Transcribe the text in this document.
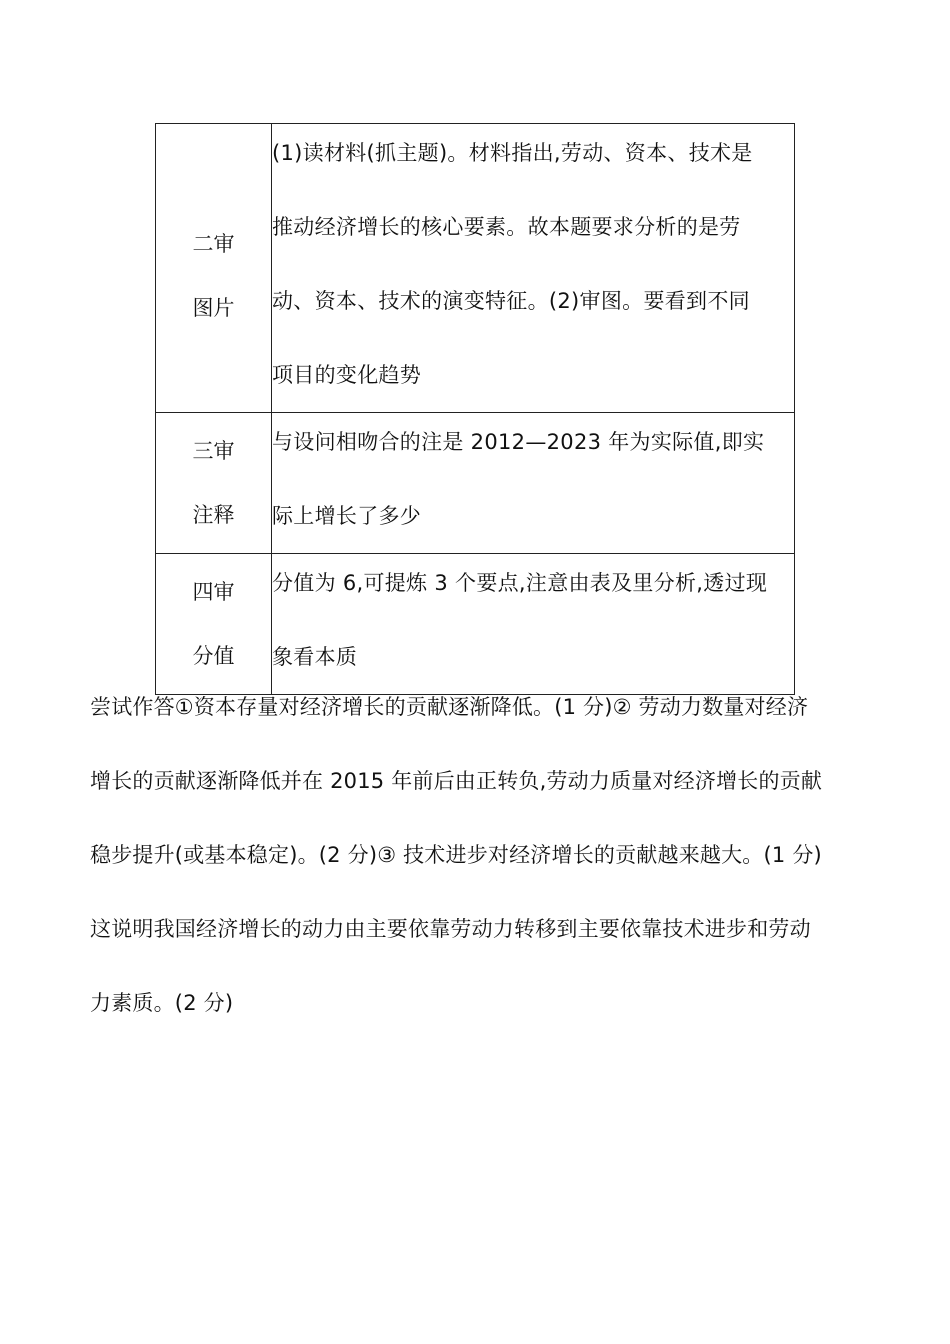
二审
图片	(1)读材料(抓主题)。材料指出,劳动、资本、技术是
推动经济增长的核心要素。故本题要求分析的是劳
动、资本、技术的演变特征。(2)审图。要看到不同
项目的变化趋势

三审
注释	与设问相吻合的注是 2012—2023 年为实际值,即实
际上增长了多少

四审
分值	分值为 6,可提炼 3 个要点,注意由表及里分析,透过现
象看本质
尝试作答①资本存量对经济增长的贡献逐渐降低。(1 分)② 劳动力数量对经济
增长的贡献逐渐降低并在 2015 年前后由正转负,劳动力质量对经济增长的贡献
稳步提升(或基本稳定)。(2 分)③ 技术进步对经济增长的贡献越来越大。(1 分)
这说明我国经济增长的动力由主要依靠劳动力转移到主要依靠技术进步和劳动
力素质。(2 分)
